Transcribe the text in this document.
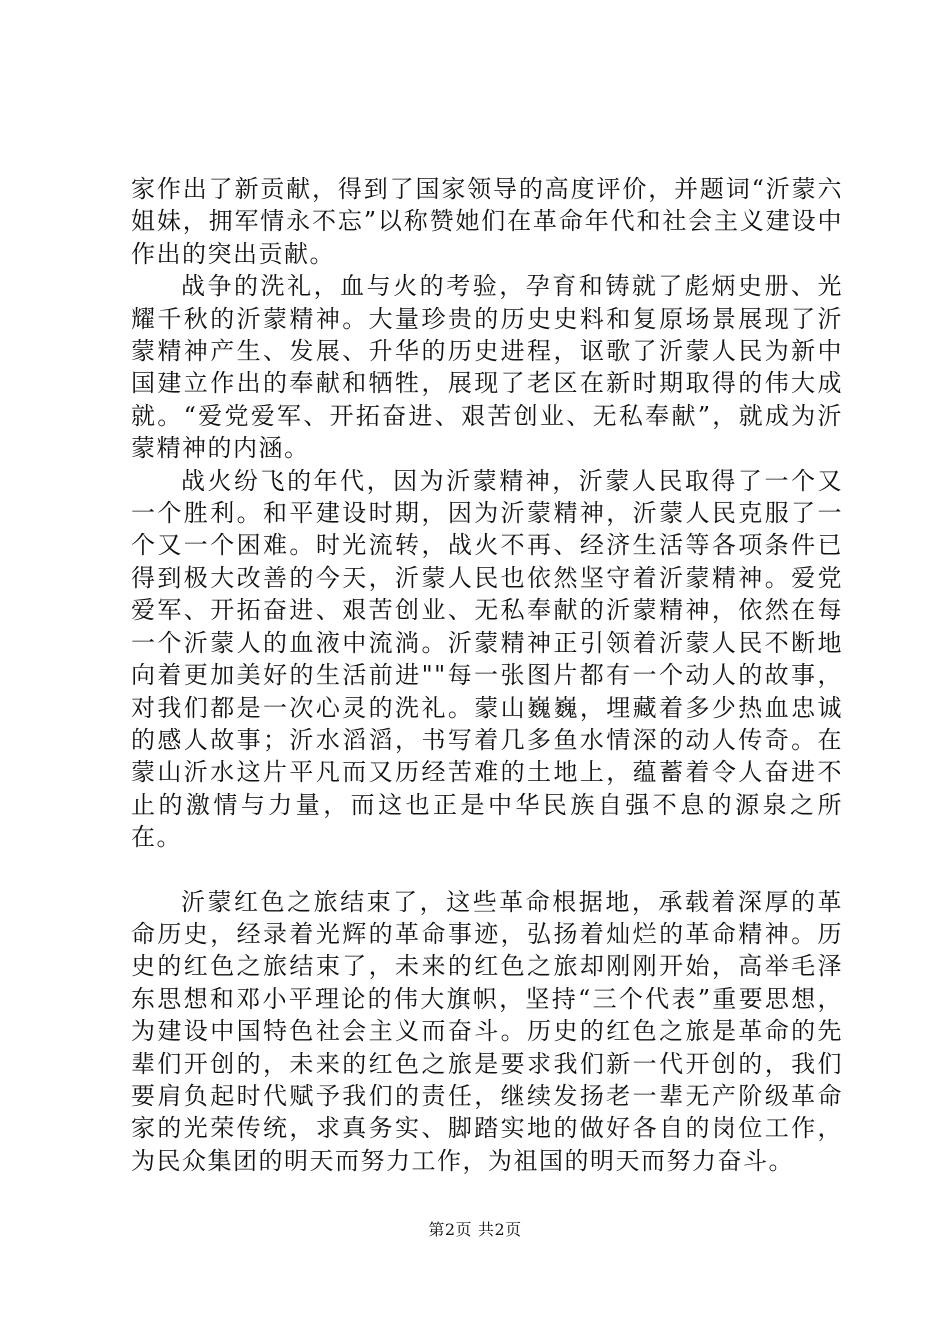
家作出了新贡献，得到了国家领导的高度评价，并题词“沂蒙六姐妹，拥军情永不忘”以称赞她们在革命年代和社会主义建设中作出的突出贡献。

战争的洗礼，血与火的考验，孕育和铸就了彪炳史册、光耀千秋的沂蒙精神。大量珍贵的历史史料和复原场景展现了沂蒙精神产生、发展、升华的历史进程，讴歌了沂蒙人民为新中国建立作出的奉献和牺牲，展现了老区在新时期取得的伟大成就。“爱党爱军、开拓奋进、艰苦创业、无私奉献”，就成为沂蒙精神的内涵。

战火纷飞的年代，因为沂蒙精神，沂蒙人民取得了一个又一个胜利。和平建设时期，因为沂蒙精神，沂蒙人民克服了一个又一个困难。时光流转，战火不再、经济生活等各项条件已得到极大改善的今天，沂蒙人民也依然坚守着沂蒙精神。爱党爱军、开拓奋进、艰苦创业、无私奉献的沂蒙精神，依然在每一个沂蒙人的血液中流淌。沂蒙精神正引领着沂蒙人民不断地向着更加美好的生活前进""每一张图片都有一个动人的故事，对我们都是一次心灵的洗礼。蒙山巍巍，埋藏着多少热血忠诚的感人故事；沂水滔滔，书写着几多鱼水情深的动人传奇。在蒙山沂水这片平凡而又历经苦难的土地上，蕴蓄着令人奋进不止的激情与力量，而这也正是中华民族自强不息的源泉之所在。

沂蒙红色之旅结束了，这些革命根据地，承载着深厚的革命历史，经录着光辉的革命事迹，弘扬着灿烂的革命精神。历史的红色之旅结束了，未来的红色之旅却刚刚开始，高举毛泽东思想和邓小平理论的伟大旗帜，坚持“三个代表”重要思想，为建设中国特色社会主义而奋斗。历史的红色之旅是革命的先辈们开创的，未来的红色之旅是要求我们新一代开创的，我们要肩负起时代赋予我们的责任，继续发扬老一辈无产阶级革命家的光荣传统，求真务实、脚踏实地的做好各自的岗位工作，为民众集团的明天而努力工作，为祖国的明天而努力奋斗。

第2页 共2页
